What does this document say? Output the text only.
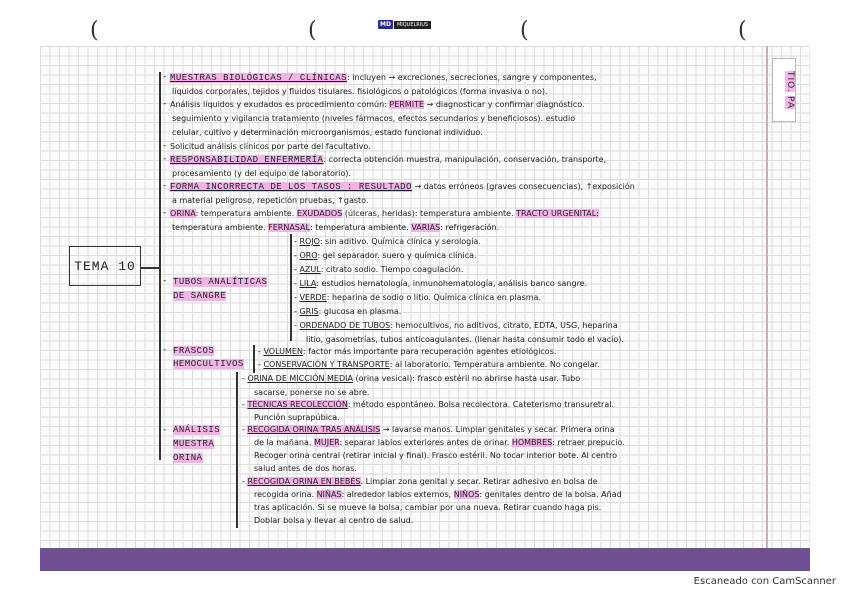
(	(	(	(
MD	MIQUELRIUS
TIO. PA
TEMA 10
- MUESTRAS BIOLÓGICAS / CLÍNICAS: incluyen → excreciones, secreciones, sangre y componentes,
líquidos corporales, tejidos y fluidos tisulares. fisiológicos o patológicos (forma invasiva o no).
- Análisis líquidos y exudados es procedimiento común: PERMITE → diagnosticar y confirmar diagnóstico.
seguimiento y vigilancia tratamiento (niveles fármacos, efectos secundarios y beneficiosos). estudio
celular, cultivo y determinación microorganismos, estado funcional individuo.
- Solicitud análisis clínicos por parte del facultativo.
- RESPONSABILIDAD ENFERMERÍA: correcta obtención muestra, manipulación, conservación, transporte,
procesamiento (y del equipo de laboratorio).
- FORMA INCORRECTA DE LOS TASOS : RESULTADO → datos erróneos (graves consecuencias), ↑exposición
a material peligroso, repetición pruebas, ↑gasto.
- ORINA: temperatura ambiente. EXUDADOS (úlceras, heridas): temperatura ambiente. TRACTO URGENITAL:
temperatura ambiente. FERNASAL: temperatura ambiente. VARIAS: refrigeración.
- TUBOS ANALÍTICAS
DE SANGRE
- ROJO: sin aditivo. Química clínica y serología.
- ORO: gel separador. suero y química clínica.
- AZUL: citrato sodio. Tiempo coagulación.
- LILA: estudios hematología, inmunohematología, análisis banco sangre.
- VERDE: heparina de sodio o litio. Química clínica en plasma.
- GRIS: glucosa en plasma.
- ORDENADO DE TUBOS: hemocultivos, no aditivos, citrato, EDTA, USG, heparina
litio, gasometrías, tubos anticoagulantes. (llenar hasta consumir todo el vacío).
- FRASCOS
HEMOCULTIVOS
- VOLUMEN: factor más importante para recuperación agentes etiológicos.
- CONSERVACIÓN Y TRANSPORTE: al laboratorio. Temperatura ambiente. No congelar.
- ANÁLISIS
MUESTRA
ORINA
- ORINA DE MICCIÓN MEDIA (orina vesical): frasco estéril no abrirse hasta usar. Tubo
sacarse, ponerse no se abre.
- TÉCNICAS RECOLECCIÓN: método espontáneo. Bolsa recolectora. Cateterismo transuretral.
Punción suprapúbica.
- RECOGIDA ORINA TRAS ANÁLISIS → lavarse manos. Limpiar genitales y secar. Primera orina
de la mañana. MUJER: separar labios exteriores antes de orinar. HOMBRES: retraer prepucio.
Recoger orina central (retirar inicial y final). Frasco estéril. No tocar interior bote. Al centro
salud antes de dos horas.
- RECOGIDA ORINA EN BEBÉS. Limpiar zona genital y secar. Retirar adhesivo en bolsa de
recogida orina. NIÑAS: alrededor labios externos, NIÑOS: genitales dentro de la bolsa. Añad
tras aplicación. Si se mueve la bolsa, cambiar por una nueva. Retirar cuando haga pis.
Doblar bolsa y llevar al centro de salud.
Escaneado con CamScanner
